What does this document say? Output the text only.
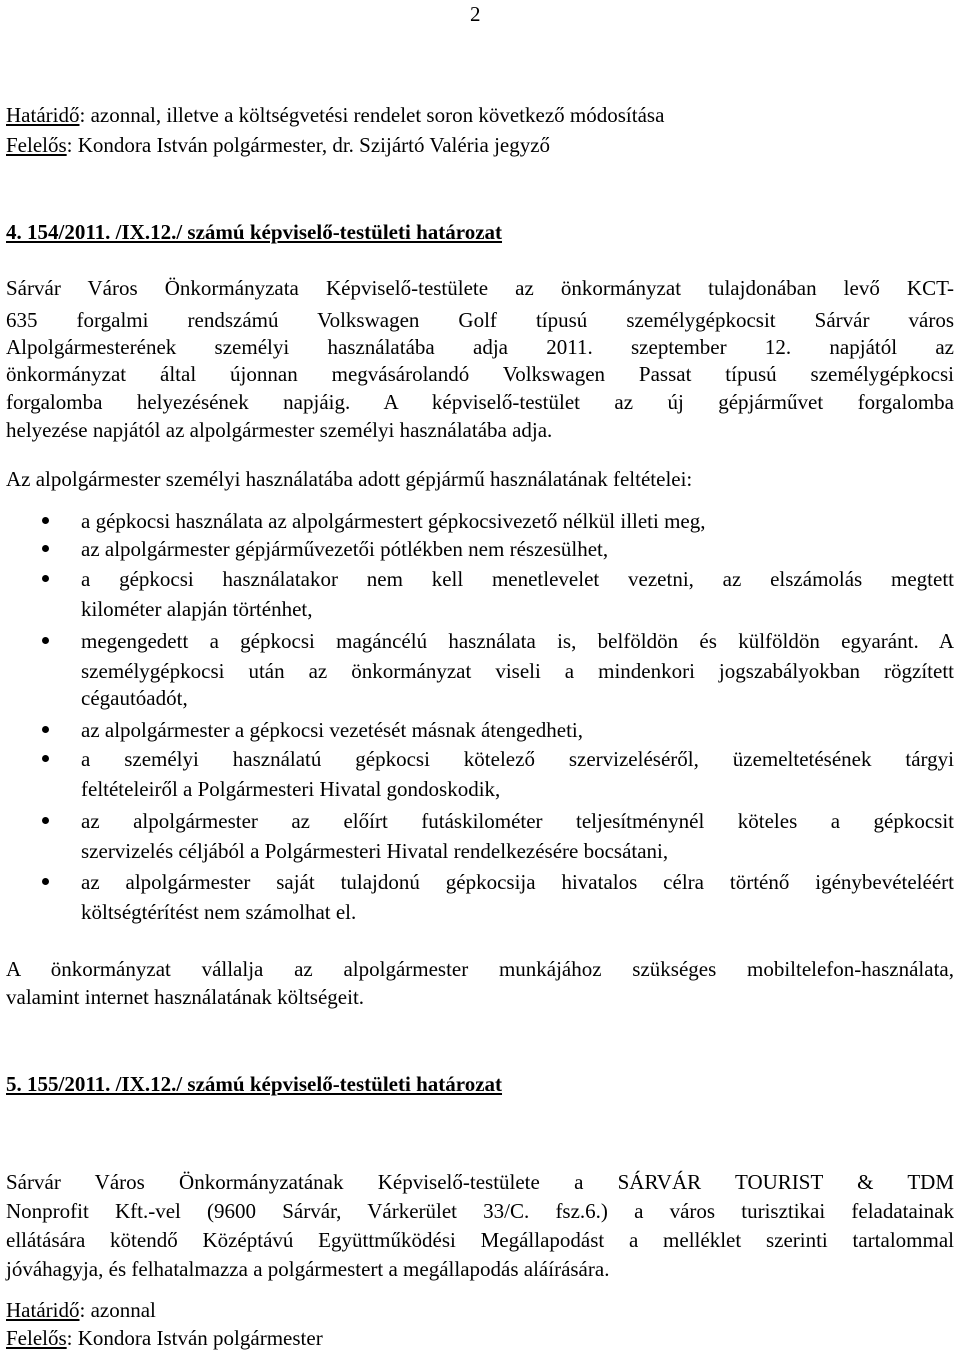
2
Határidő: azonnal, illetve a költségvetési rendelet soron következő módosítása
Felelős: Kondora István polgármester, dr. Szijártó Valéria jegyző
4. 154/2011. /IX.12./ számú képviselő-testületi határozat
Sárvár Város Önkormányzata Képviselő-testülete az önkormányzat tulajdonában levő KCT-
635 forgalmi rendszámú Volkswagen Golf típusú személygépkocsit Sárvár város
Alpolgármesterének személyi használatába adja 2011. szeptember 12. napjától az
önkormányzat által újonnan megvásárolandó Volkswagen Passat típusú személygépkocsi
forgalomba helyezésének napjáig. A képviselő-testület az új gépjárművet forgalomba
helyezése napjától az alpolgármester személyi használatába adja.
Az alpolgármester személyi használatába adott gépjármű használatának feltételei:
a gépkocsi használata az alpolgármestert gépkocsivezető nélkül illeti meg,
az alpolgármester gépjárművezetői pótlékben nem részesülhet,
a gépkocsi használatakor nem kell menetlevelet vezetni, az elszámolás megtett
kilométer alapján történhet,
megengedett a gépkocsi magáncélú használata is, belföldön és külföldön egyaránt. A
személygépkocsi után az önkormányzat viseli a mindenkori jogszabályokban rögzített
cégautóadót,
az alpolgármester a gépkocsi vezetését másnak átengedheti,
a személyi használatú gépkocsi kötelező szervizeléséről, üzemeltetésének tárgyi
feltételeiről a Polgármesteri Hivatal gondoskodik,
az alpolgármester az előírt futáskilométer teljesítménynél köteles a gépkocsit
szervizelés céljából a Polgármesteri Hivatal rendelkezésére bocsátani,
az alpolgármester saját tulajdonú gépkocsija hivatalos célra történő igénybevételéért
költségtérítést nem számolhat el.
A önkormányzat vállalja az alpolgármester munkájához szükséges mobiltelefon-használata,
valamint internet használatának költségeit.
5. 155/2011. /IX.12./ számú képviselő-testületi határozat
Sárvár Város Önkormányzatának Képviselő-testülete a SÁRVÁR TOURIST & TDM
Nonprofit Kft.-vel (9600 Sárvár, Várkerület 33/C. fsz.6.) a város turisztikai feladatainak
ellátására kötendő Középtávú Együttműködési Megállapodást a melléklet szerinti tartalommal
jóváhagyja, és felhatalmazza a polgármestert a megállapodás aláírására.
Határidő: azonnal
Felelős: Kondora István polgármester
